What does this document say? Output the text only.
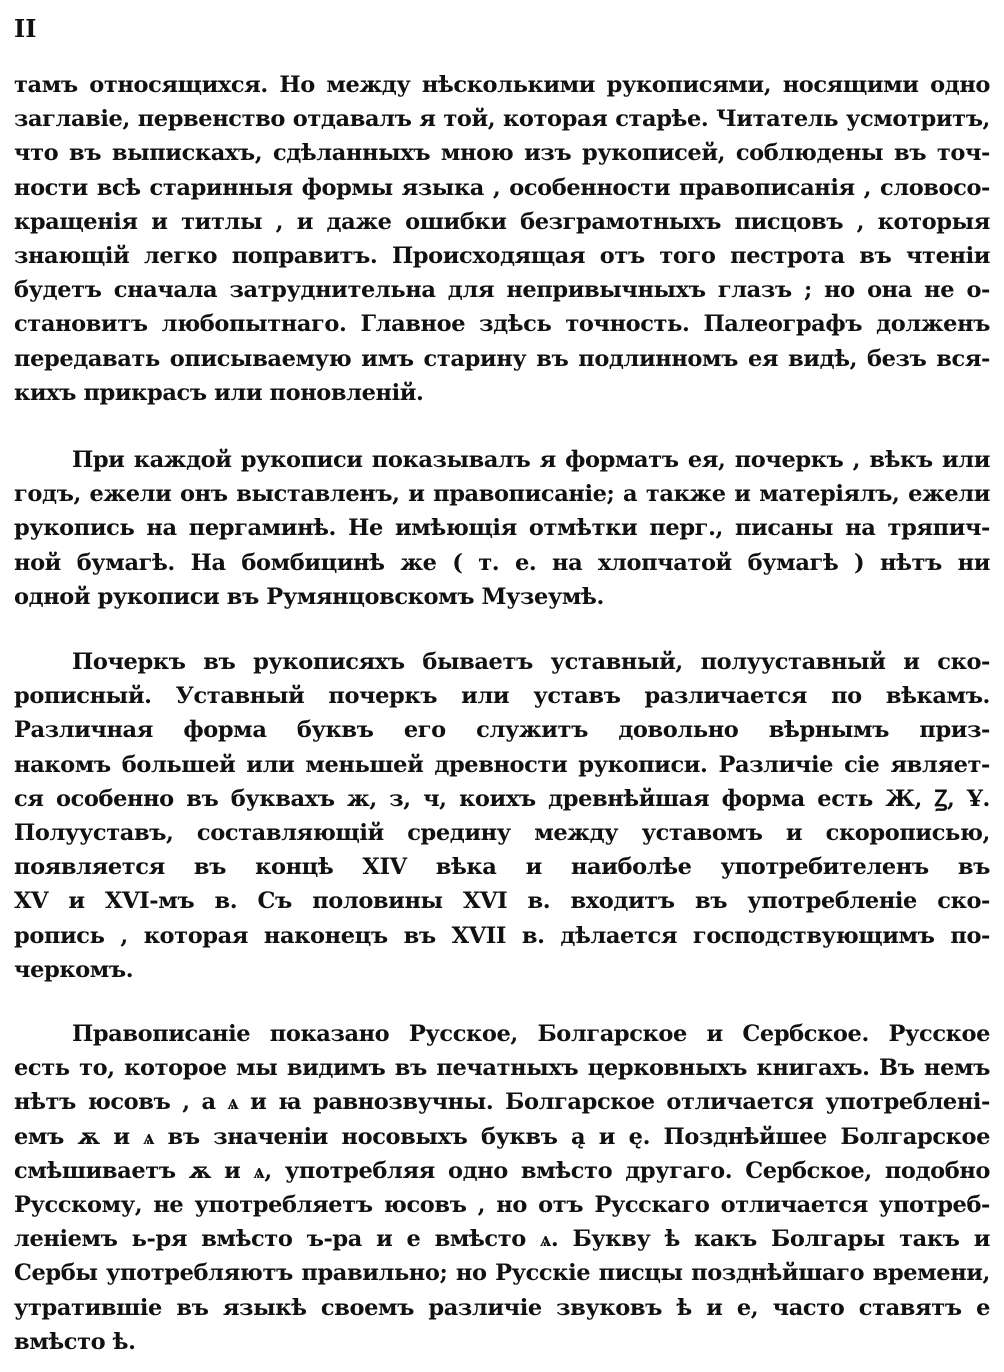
II
тамъ относящихся. Но между нѣсколькими рукописями, носящими одно
заглавіе, первенство отдавалъ я той, которая старѣе. Читатель усмотритъ,
что въ выпискахъ, сдѣланныхъ мною изъ рукописей, соблюдены въ точ-
ности всѣ старинныя формы языка , особенности правописанія , словосо-
кращенія и титлы , и даже ошибки безграмотныхъ писцовъ , которыя
знающій легко поправитъ. Происходящая отъ того пестрота въ чтеніи
будетъ сначала затруднительна для непривычныхъ глазъ ; но она не о-
становитъ любопытнаго. Главное здѣсь точность. Палеографъ долженъ
передавать описываемую имъ старину въ подлинномъ ея видѣ, безъ вся-
кихъ прикрасъ или поновленій.
При каждой рукописи показывалъ я форматъ ея, почеркъ , вѣкъ или
годъ, ежели онъ выставленъ, и правописаніе; а также и матеріялъ, ежели
рукопись на пергаминѣ. Не имѣющія отмѣтки перг., писаны на тряпич-
ной бумагѣ. На бомбицинѣ же ( т. е. на хлопчатой бумагѣ ) нѣтъ ни
одной рукописи въ Румянцовскомъ Музеумѣ.
Почеркъ въ рукописяхъ бываетъ уставный, полууставный и ско-
рописный. Уставный почеркъ или уставъ различается по вѣкамъ.
Различная форма буквъ его служитъ довольно вѣрнымъ приз-
накомъ большей или меньшей древности рукописи. Различіе сіе являет-
ся особенно въ буквахъ ж, з, ч, коихъ древнѣйшая форма есть Ж, Ꙁ, Ұ.
Полууставъ, составляющій средину между уставомъ и скорописью,
появляется въ концѣ XIV вѣка и наиболѣе употребителенъ въ
XV и XVI-мъ в. Съ половины XVI в. входитъ въ употребленіе ско-
ропись , которая наконецъ въ XVII в. дѣлается господствующимъ по-
черкомъ.
Правописаніе показано Русское, Болгарское и Сербское. Русское
есть то, которое мы видимъ въ печатныхъ церковныхъ книгахъ. Въ немъ
нѣтъ юсовъ , а ѧ и ꙗ равнозвучны. Болгарское отличается употребленi-
емъ ѫ и ѧ въ значеніи носовыхъ буквъ ą и ę. Позднѣйшее Болгарское
смѣшиваетъ ѫ и ѧ, употребляя одно вмѣсто другаго. Сербское, подобно
Русскому, не употребляетъ юсовъ , но отъ Русскаго отличается употреб-
леніемъ ь-ря вмѣсто ъ-ра и е вмѣсто ѧ. Букву ѣ какъ Болгары такъ и
Сербы употребляютъ правильно; но Русскіе писцы позднѣйшаго времени,
утратившіе въ языкѣ своемъ различіе звуковъ ѣ и е, часто ставятъ е
вмѣсто ѣ.
